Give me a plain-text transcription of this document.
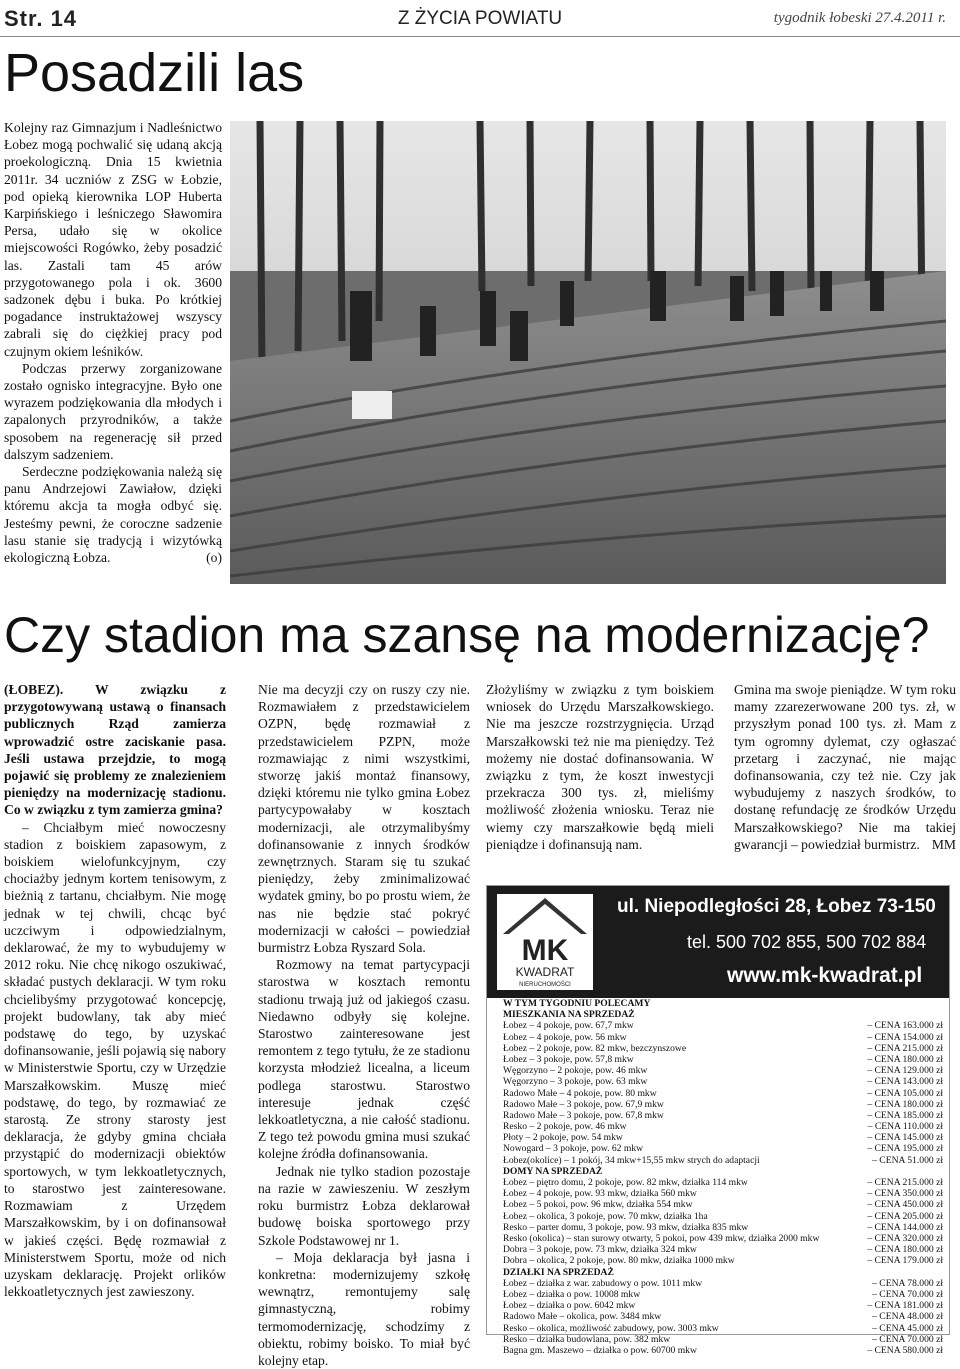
Str. 14	Z ŻYCIA POWIATU	tygodnik łobeski 27.4.2011 r.
Posadzili las

Kolejny raz Gimnazjum i Nadleśnictwo Łobez mogą pochwalić się udaną akcją proekologiczną. Dnia 15 kwietnia 2011r. 34 uczniów z ZSG w Łobzie, pod opieką kierownika LOP Huberta Karpińskiego i leśniczego Sławomira Persa, udało się w okolice miejscowości Rogówko, żeby posadzić las. Zastali tam 45 arów przygotowanego pola i ok. 3600 sadzonek dębu i buka. Po krótkiej pogadance instruktażowej wszyscy zabrali się do ciężkiej pracy pod czujnym okiem leśników.

Podczas przerwy zorganizowane zostało ognisko integracyjne. Było one wyrazem podziękowania dla młodych i zapalonych przyrodników, a także sposobem na regenerację sił przed dalszym sadzeniem.

Serdeczne podziękowania należą się panu Andrzejowi Zawiałow, dzięki któremu akcja ta mogła odbyć się. Jesteśmy pewni, że coroczne sadzenie lasu stanie się tradycją i wizytówką ekologiczną Łobza.	(o)

Czy stadion ma szansę na modernizację?

(ŁOBEZ). W związku z przygotowywaną ustawą o finansach publicznych Rząd zamierza wprowadzić ostre zaciskanie pasa. Jeśli ustawa przejdzie, to mogą pojawić się problemy ze znalezieniem pieniędzy na modernizację stadionu. Co w związku z tym zamierza gmina?

– Chciałbym mieć nowoczesny stadion z boiskiem zapasowym, z boiskiem wielofunkcyjnym, czy chociażby jednym kortem tenisowym, z bieżnią z tartanu, chciałbym. Nie mogę jednak w tej chwili, chcąc być uczciwym i odpowiedzialnym, deklarować, że my to wybudujemy w 2012 roku. Nie chcę nikogo oszukiwać, składać pustych deklaracji. W tym roku chcielibyśmy przygotować koncepcję, projekt budowlany, tak aby mieć podstawę do tego, by uzyskać dofinansowanie, jeśli pojawią się nabory w Ministerstwie Sportu, czy w Urzędzie Marszałkowskim. Muszę mieć podstawę, do tego, by rozmawiać ze starostą. Ze strony starosty jest deklaracja, że gdyby gmina chciała przystąpić do modernizacji obiektów sportowych, w tym lekkoatletycznych, to starostwo jest zainteresowane. Rozmawiam z Urzędem Marszałkowskim, by i on dofinansował w jakieś części. Będę rozmawiał z Ministerstwem Sportu, może od nich uzyskam deklarację. Projekt orlików lekkoatletycznych jest zawieszony.

Nie ma decyzji czy on ruszy czy nie. Rozmawiałem z przedstawicielem OZPN, będę rozmawiał z przedstawicielem PZPN, może rozmawiając z nimi wszystkimi, stworzę jakiś montaż finansowy, dzięki któremu nie tylko gmina Łobez partycypowałaby w kosztach modernizacji, ale otrzymalibyśmy dofinansowanie z innych środków zewnętrznych. Staram się tu szukać pieniędzy, żeby zminimalizować wydatek gminy, bo po prostu wiem, że nas nie będzie stać pokryć modernizacji w całości – powiedział burmistrz Łobza Ryszard Sola.

Rozmowy na temat partycypacji starostwa w kosztach remontu stadionu trwają już od jakiegoś czasu. Niedawno odbyły się kolejne. Starostwo zainteresowane jest remontem z tego tytułu, że ze stadionu korzysta młodzież licealna, a liceum podlega starostwu. Starostwo interesuje jednak część lekkoatletyczna, a nie całość stadionu. Z tego też powodu gmina musi szukać kolejne źródła dofinansowania.

Jednak nie tylko stadion pozostaje na razie w zawieszeniu. W zeszłym roku burmistrz Łobza deklarował budowę boiska sportowego przy Szkole Podstawowej nr 1.

– Moja deklaracja był jasna i konkretna: modernizujemy szkołę wewnątrz, remontujemy salę gimnastyczną, robimy termomodernizację, schodzimy z obiektu, robimy boisko. To miał być kolejny etap.

Złożyliśmy w związku z tym boiskiem wniosek do Urzędu Marszałkowskiego. Nie ma jeszcze rozstrzygnięcia. Urząd Marszałkowski też nie ma pieniędzy. Też możemy nie dostać dofinansowania. W związku z tym, że koszt inwestycji przekracza 300 tys. zł, mieliśmy możliwość złożenia wniosku. Teraz nie wiemy czy marszałkowie będą mieli pieniądze i dofinansują nam.

Gmina ma swoje pieniądze. W tym roku mamy zzarezerwowane 200 tys. zł, w przyszłym ponad 100 tys. zł. Mam z tym ogromny dylemat, czy ogłaszać przetarg i zaczynać, nie mając dofinansowania, czy też nie. Czy jak wybudujemy z naszych środków, to dostanę refundację ze środków Urzędu Marszałkowskiego? Nie ma takiej gwarancji – powiedział burmistrz. MM

MK
KWADRAT
NIERUCHOMOŚCI
ul. Niepodległości 28, Łobez 73-150
tel. 500 702 855, 500 702 884
www.mk-kwadrat.pl
W TYM TYGODNIU POLECAMY
MIESZKANIA NA SPRZEDAŻ
Łobez – 4 pokoje, pow. 67,7 mkw	– CENA 163.000 zł
Łobez – 4 pokoje, pow. 56 mkw	– CENA 154.000 zł
Łobez – 2 pokoje, pow. 82 mkw, bezczynszowe	– CENA 215.000 zł
Łobez – 3 pokoje, pow. 57,8 mkw	– CENA 180.000 zł
Węgorzyno – 2 pokoje, pow. 46 mkw	– CENA 129.000 zł
Węgorzyno – 3 pokoje, pow. 63 mkw	– CENA 143.000 zł
Radowo Małe – 4 pokoje, pow. 80 mkw	– CENA 105.000 zł
Radowo Małe – 3 pokoje, pow. 67,9 mkw	– CENA 180.000 zł
Radowo Małe – 3 pokoje, pow. 67,8 mkw	– CENA 185.000 zł
Resko – 2 pokoje, pow. 46 mkw	– CENA 110.000 zł
Płoty – 2 pokoje, pow. 54 mkw	– CENA 145.000 zł
Nowogard – 3 pokoje, pow. 62 mkw	– CENA 195.000 zł
Łobez(okolice) – 1 pokój, 34 mkw+15,55 mkw strych do adaptacji	– CENA 51.000 zł
DOMY NA SPRZEDAŻ
Łobez – piętro domu, 2 pokoje, pow. 82 mkw, działka 114 mkw	– CENA 215.000 zł
Łobez – 4 pokoje, pow. 93 mkw, działka 560 mkw	– CENA 350.000 zł
Łobez – 5 pokoi, pow. 96 mkw, działka 554 mkw	– CENA 450.000 zł
Łobez – okolica, 3 pokoje, pow. 70 mkw, działka 1ha	– CENA 205.000 zł
Resko – parter domu, 3 pokoje, pow. 93 mkw, działka 835 mkw	– CENA 144.000 zł
Resko (okolica) – stan surowy otwarty, 5 pokoi, pow 439 mkw, działka 2000 mkw	– CENA 320.000 zł
Dobra – 3 pokoje, pow. 73 mkw, działka 324 mkw	– CENA 180.000 zł
Dobra – okolica, 2 pokoje, pow. 80 mkw, działka 1000 mkw	– CENA 179.000 zł
DZIAŁKI NA SPRZEDAŻ
Łobez – działka z war. zabudowy o pow. 1011 mkw	– CENA 78.000 zł
Łobez – działka o pow. 10008 mkw	– CENA 70.000 zł
Łobez – działka o pow. 6042 mkw	– CENA 181.000 zł
Radowo Małe – okolica, pow. 3484 mkw	– CENA 48.000 zł
Resko – okolica, możliwość zabudowy, pow. 3003 mkw	– CENA 45.000 zł
Resko – działka budowlana, pow. 382 mkw	– CENA 70.000 zł
Bagna gm. Maszewo – działka o pow. 60700 mkw	– CENA 580.000 zł
